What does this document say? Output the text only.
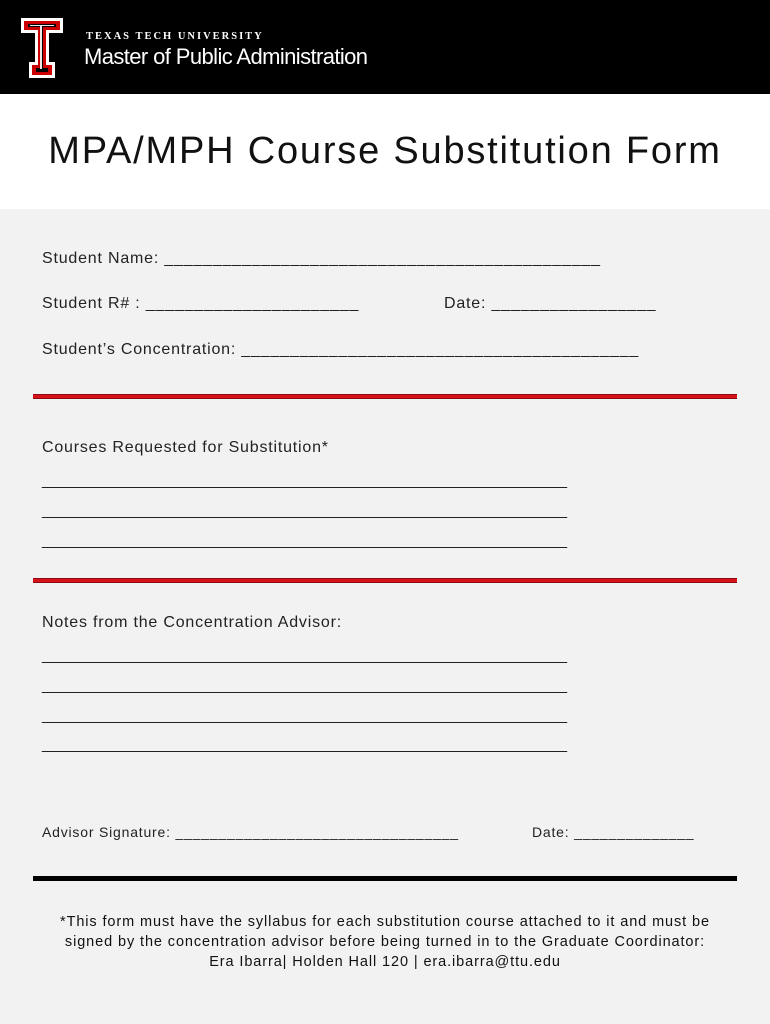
TEXAS TECH UNIVERSITY
Master of Public Administration
MPA/MPH Course Substitution Form
Student Name: _____________________________________________
Student R# : ______________________	Date: _________________
Student’s Concentration: _________________________________________
Courses Requested for Substitution*
___________________________________________________________
___________________________________________________________
___________________________________________________________
Notes from the Concentration Advisor:
___________________________________________________________
___________________________________________________________
___________________________________________________________
___________________________________________________________
Advisor Signature: _________________________________	Date: ______________
*This form must have the syllabus for each substitution course attached to it and must be
signed by the concentration advisor before being turned in to the Graduate Coordinator:
Era Ibarra| Holden Hall 120 | era.ibarra@ttu.edu
